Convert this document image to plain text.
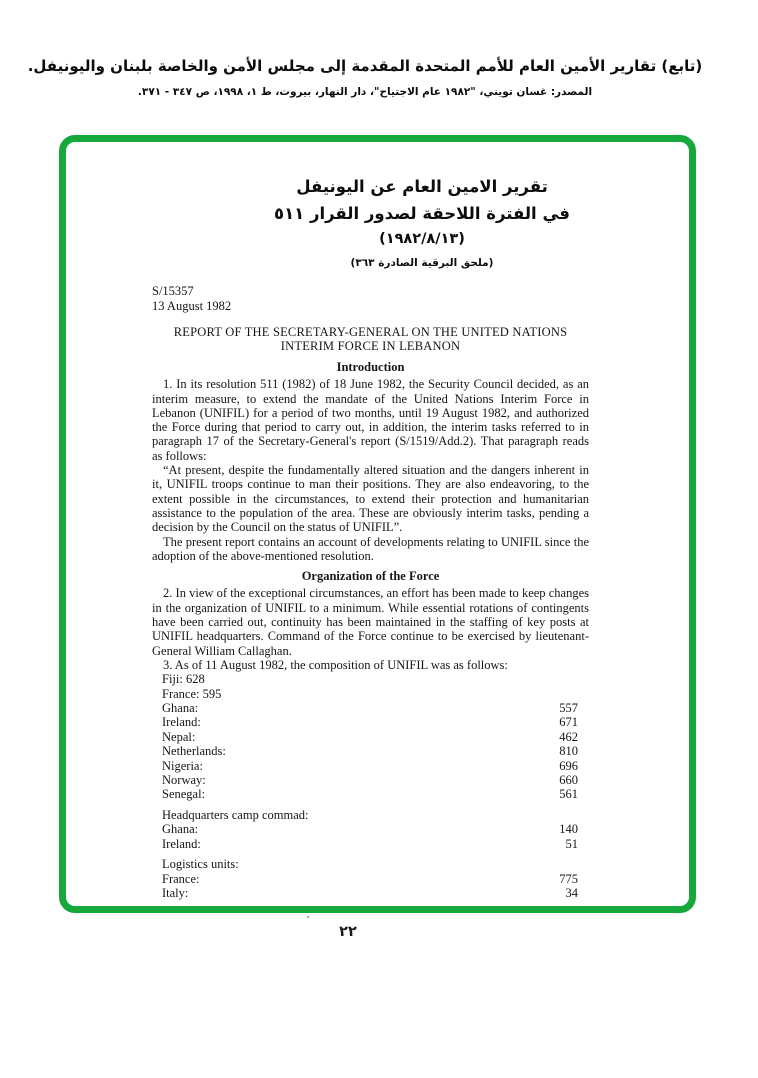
(تابع) تقارير الأمين العام للأمم المتحدة المقدمة إلى مجلس الأمن والخاصة بلبنان واليونيفل.
المصدر: غسان تويني، "١٩٨٢ عام الاجتياح"، دار النهار، بيروت، ط ١، ١٩٩٨، ص ٣٤٧ - ٣٧١.
تقرير الامين العام عن اليونيفل
في الفترة اللاحقة لصدور القرار ٥١١
(١٩٨٢/٨/١٣)
(ملحق البرقية الصادرة ٣٦٣)
S/15357
13 August 1982
REPORT OF THE SECRETARY-GENERAL ON THE UNITED NATIONS
INTERIM FORCE IN LEBANON
Introduction

1. In its resolution 511 (1982) of 18 June 1982, the Security Council decided, as an interim measure, to extend the mandate of the United Nations Interim Force in Lebanon (UNIFIL) for a period of two months, until 19 August 1982, and authorized the Force during that period to carry out, in addition, the interim tasks referred to in paragraph 17 of the Secretary-General's report (S/1519/Add.2). That paragraph reads as follows:

“At present, despite the fundamentally altered situation and the dangers inherent in it, UNIFIL troops continue to man their positions. They are also endeavoring, to the extent possible in the circumstances, to extend their protection and humanitarian assistance to the population of the area. These are obviously interim tasks, pending a decision by the Council on the status of UNIFIL”.

The present report contains an account of developments relating to UNIFIL since the adoption of the above-mentioned resolution.

Organization of the Force

2. In view of the exceptional circumstances, an effort has been made to keep changes in the organization of UNIFIL to a minimum. While essential rotations of contingents have been carried out, continuity has been maintained in the staffing of key posts at UNIFIL headquarters. Command of the Force continue to be exercised by lieutenant-General William Callaghan.

3. As of 11 August 1982, the composition of UNIFIL was as follows:

Fiji: 628
France: 595
Ghana:	557
Ireland:	671
Nepal:	462
Netherlands:	810
Nigeria:	696
Norway:	660
Senegal:	561
Headquarters camp commad:
Ghana:	140
Ireland:	51
Logistics units:
France:	775
Italy:	34
ʹ
٢٢
